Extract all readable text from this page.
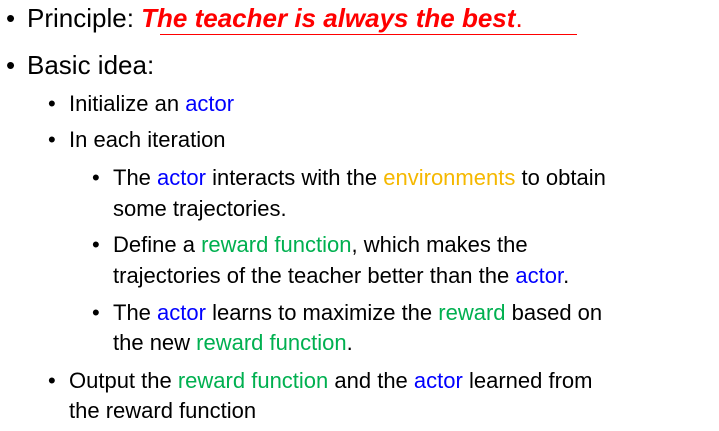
• Principle: The teacher is always the best.
• Basic idea:
• Initialize an actor
• In each iteration
• The actor interacts with the environments to obtain
some trajectories.
• Define a reward function, which makes the
trajectories of the teacher better than the actor.
• The actor learns to maximize the reward based on
the new reward function.
• Output the reward function and the actor learned from
the reward function
